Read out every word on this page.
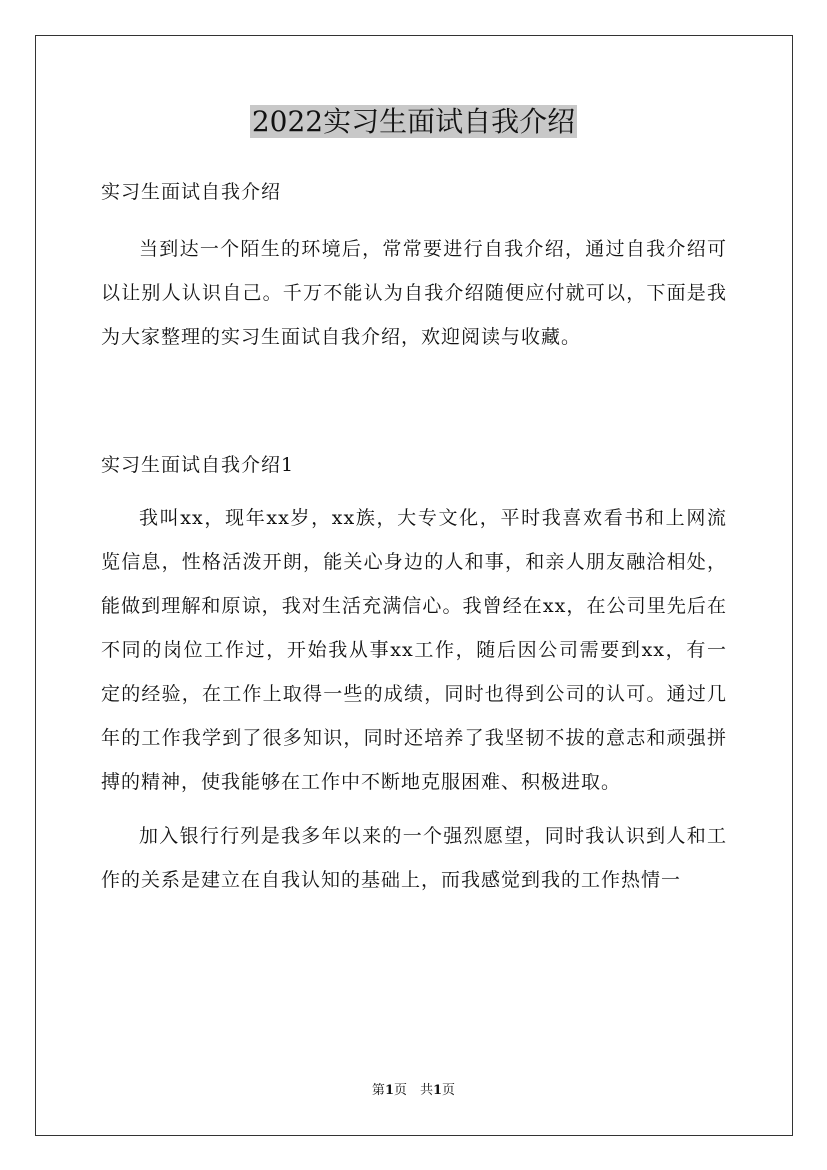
2022实习生面试自我介绍
实习生面试自我介绍

当到达一个陌生的环境后，常常要进行自我介绍，通过自我介绍可以让别人认识自己。千万不能认为自我介绍随便应付就可以，下面是我为大家整理的实习生面试自我介绍，欢迎阅读与收藏。

实习生面试自我介绍1

我叫xx，现年xx岁，xx族，大专文化，平时我喜欢看书和上网流览信息，性格活泼开朗，能关心身边的人和事，和亲人朋友融洽相处，能做到理解和原谅，我对生活充满信心。我曾经在xx，在公司里先后在不同的岗位工作过，开始我从事xx工作，随后因公司需要到xx，有一定的经验，在工作上取得一些的成绩，同时也得到公司的认可。通过几年的工作我学到了很多知识，同时还培养了我坚韧不拔的意志和顽强拼搏的精神，使我能够在工作中不断地克服困难、积极进取。

加入银行行列是我多年以来的一个强烈愿望，同时我认识到人和工作的关系是建立在自我认知的基础上，而我感觉到我的工作热情一

第1页　共1页
